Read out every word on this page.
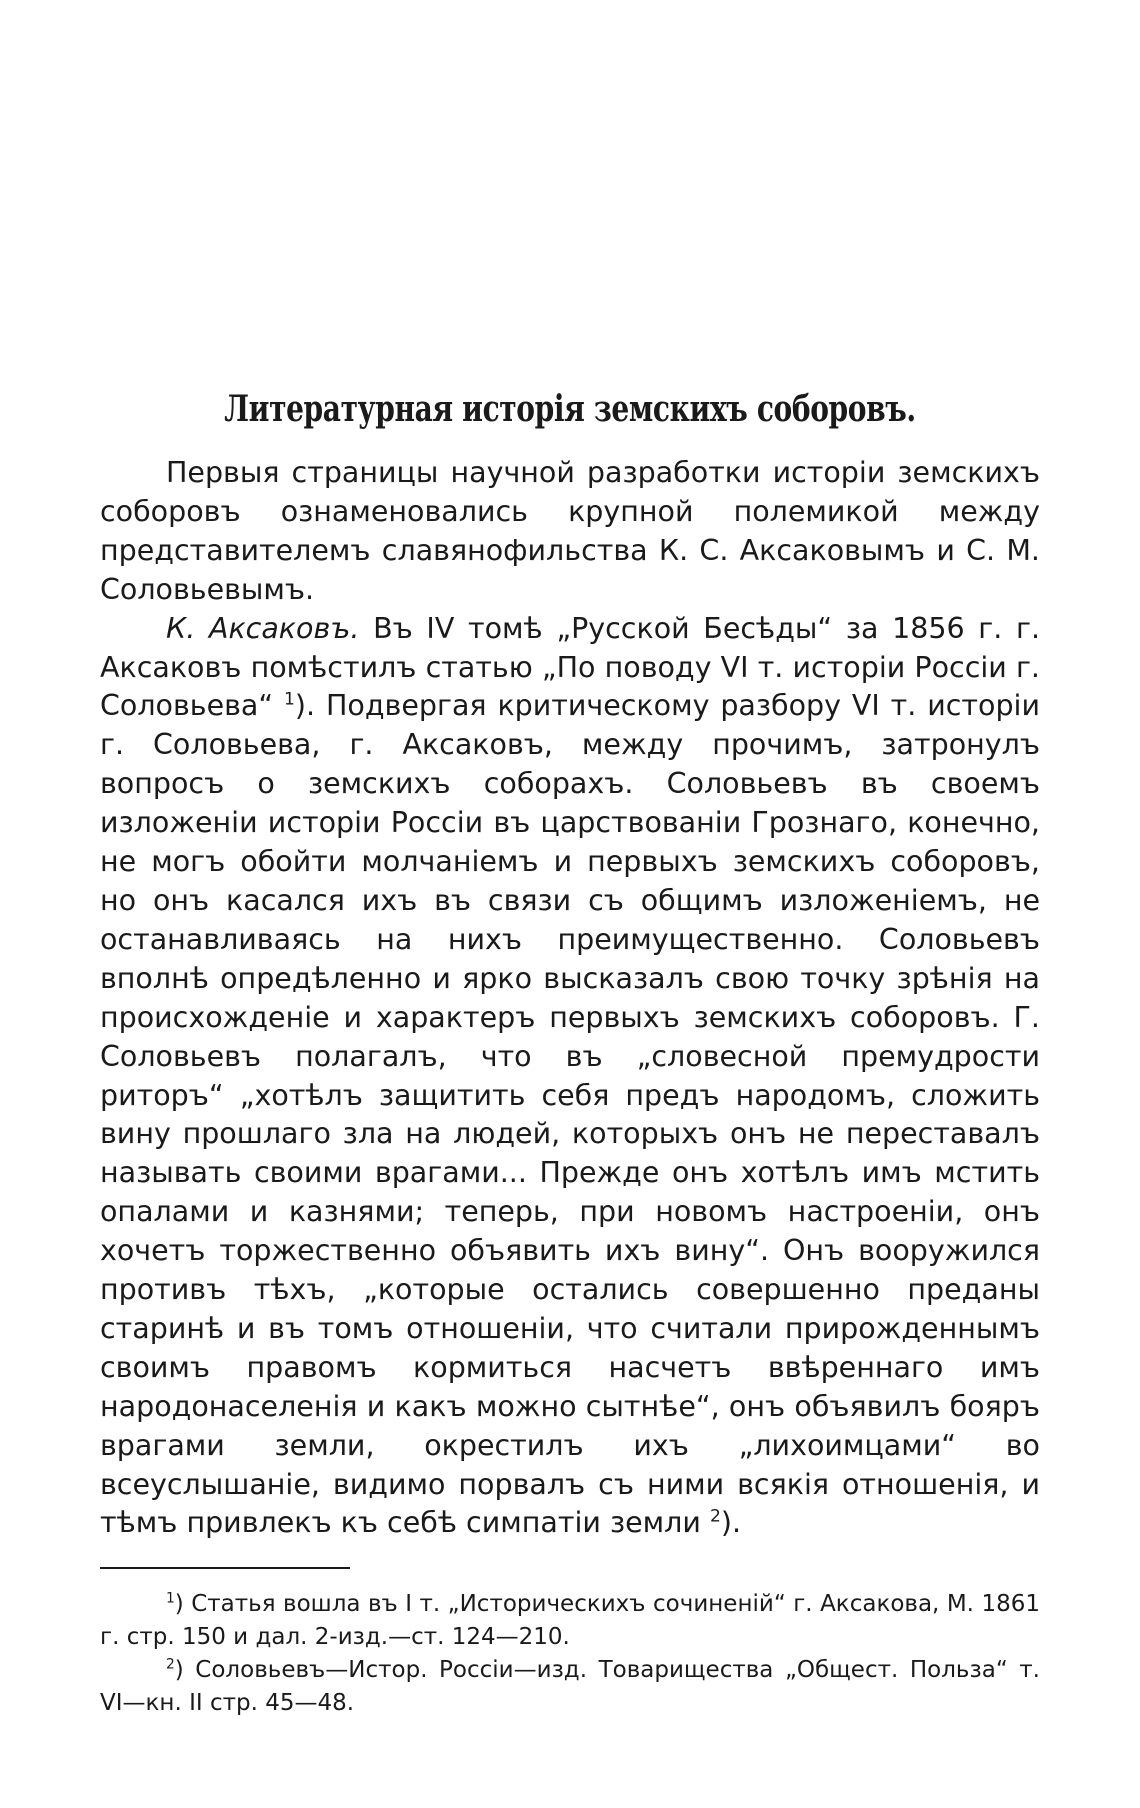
Литературная исторія земскихъ соборовъ.

Первыя страницы научной разработки исторіи земскихъ соборовъ ознаменовались крупной полемикой между представителемъ славянофильства К. С. Аксаковымъ и С. М. Соловьевымъ.

К. Аксаковъ. Въ IV томѣ „Русской Бесѣды“ за 1856 г. г. Аксаковъ помѣстилъ статью „По поводу VI т. исторіи Россіи г. Соловьева“ $^1$). Подвергая критическому разбору VI т. исторіи г. Соловьева, г. Аксаковъ, между прочимъ, затронулъ вопросъ о земскихъ соборахъ. Соловьевъ въ своемъ изложеніи исторіи Россіи въ царствованіи Грознаго, конечно, не могъ обойти молчаніемъ и первыхъ земскихъ соборовъ, но онъ касался ихъ въ связи съ общимъ изложеніемъ, не останавливаясь на нихъ преимущественно. Соловьевъ вполнѣ опредѣленно и ярко высказалъ свою точку зрѣнія на происхожденіе и характеръ первыхъ земскихъ соборовъ. Г. Соловьевъ полагалъ, что въ „словесной премудрости риторъ“ „хотѣлъ защитить себя предъ народомъ, сложить вину прошлаго зла на людей, которыхъ онъ не переставалъ называть своими врагами... Прежде онъ хотѣлъ имъ мстить опалами и казнями; теперь, при новомъ настроеніи, онъ хочетъ торжественно объявить ихъ вину“. Онъ вооружился противъ тѣхъ, „которые остались совершенно преданы старинѣ и въ томъ отношеніи, что считали прирожденнымъ своимъ правомъ кормиться насчетъ ввѣреннаго имъ народонаселенія и какъ можно сытнѣе“, онъ объявилъ бояръ врагами земли, окрестилъ ихъ „лихоимцами“ во всеуслышаніе, видимо порвалъ съ ними всякія отношенія, и тѣмъ привлекъ къ себѣ симпатіи земли $^2$).

$^1$) Статья вошла въ I т. „Историческихъ сочиненій“ г. Аксакова, М. 1861 г. стр. 150 и дал. 2-изд.—ст. 124—210.

$^2$) Соловьевъ—Истор. Россіи—изд. Товарищества „Общест. Польза“ т. VI—кн. II стр. 45—48.
